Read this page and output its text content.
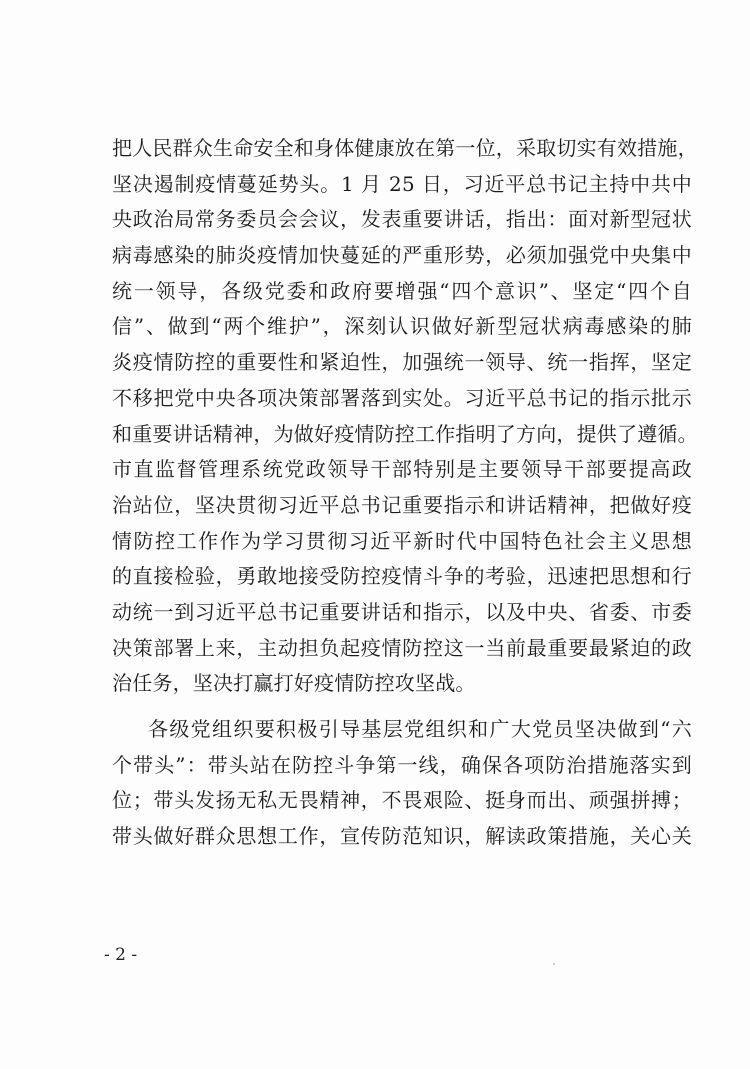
把人民群众生命安全和身体健康放在第一位，采取切实有效措施，
坚决遏制疫情蔓延势头。1 月 25 日，习近平总书记主持中共中
央政治局常务委员会会议，发表重要讲话，指出：面对新型冠状
病毒感染的肺炎疫情加快蔓延的严重形势，必须加强党中央集中
统一领导，各级党委和政府要增强“四个意识”、坚定“四个自
信”、做到“两个维护”，深刻认识做好新型冠状病毒感染的肺
炎疫情防控的重要性和紧迫性，加强统一领导、统一指挥，坚定
不移把党中央各项决策部署落到实处。习近平总书记的指示批示
和重要讲话精神，为做好疫情防控工作指明了方向，提供了遵循。
市直监督管理系统党政领导干部特别是主要领导干部要提高政
治站位，坚决贯彻习近平总书记重要指示和讲话精神，把做好疫
情防控工作作为学习贯彻习近平新时代中国特色社会主义思想
的直接检验，勇敢地接受防控疫情斗争的考验，迅速把思想和行
动统一到习近平总书记重要讲话和指示，以及中央、省委、市委
决策部署上来，主动担负起疫情防控这一当前最重要最紧迫的政
治任务，坚决打赢打好疫情防控攻坚战。
各级党组织要积极引导基层党组织和广大党员坚决做到“六
个带头”：带头站在防控斗争第一线，确保各项防治措施落实到
位；带头发扬无私无畏精神，不畏艰险、挺身而出、顽强拼搏；
带头做好群众思想工作，宣传防范知识，解读政策措施，关心关
- 2 -
